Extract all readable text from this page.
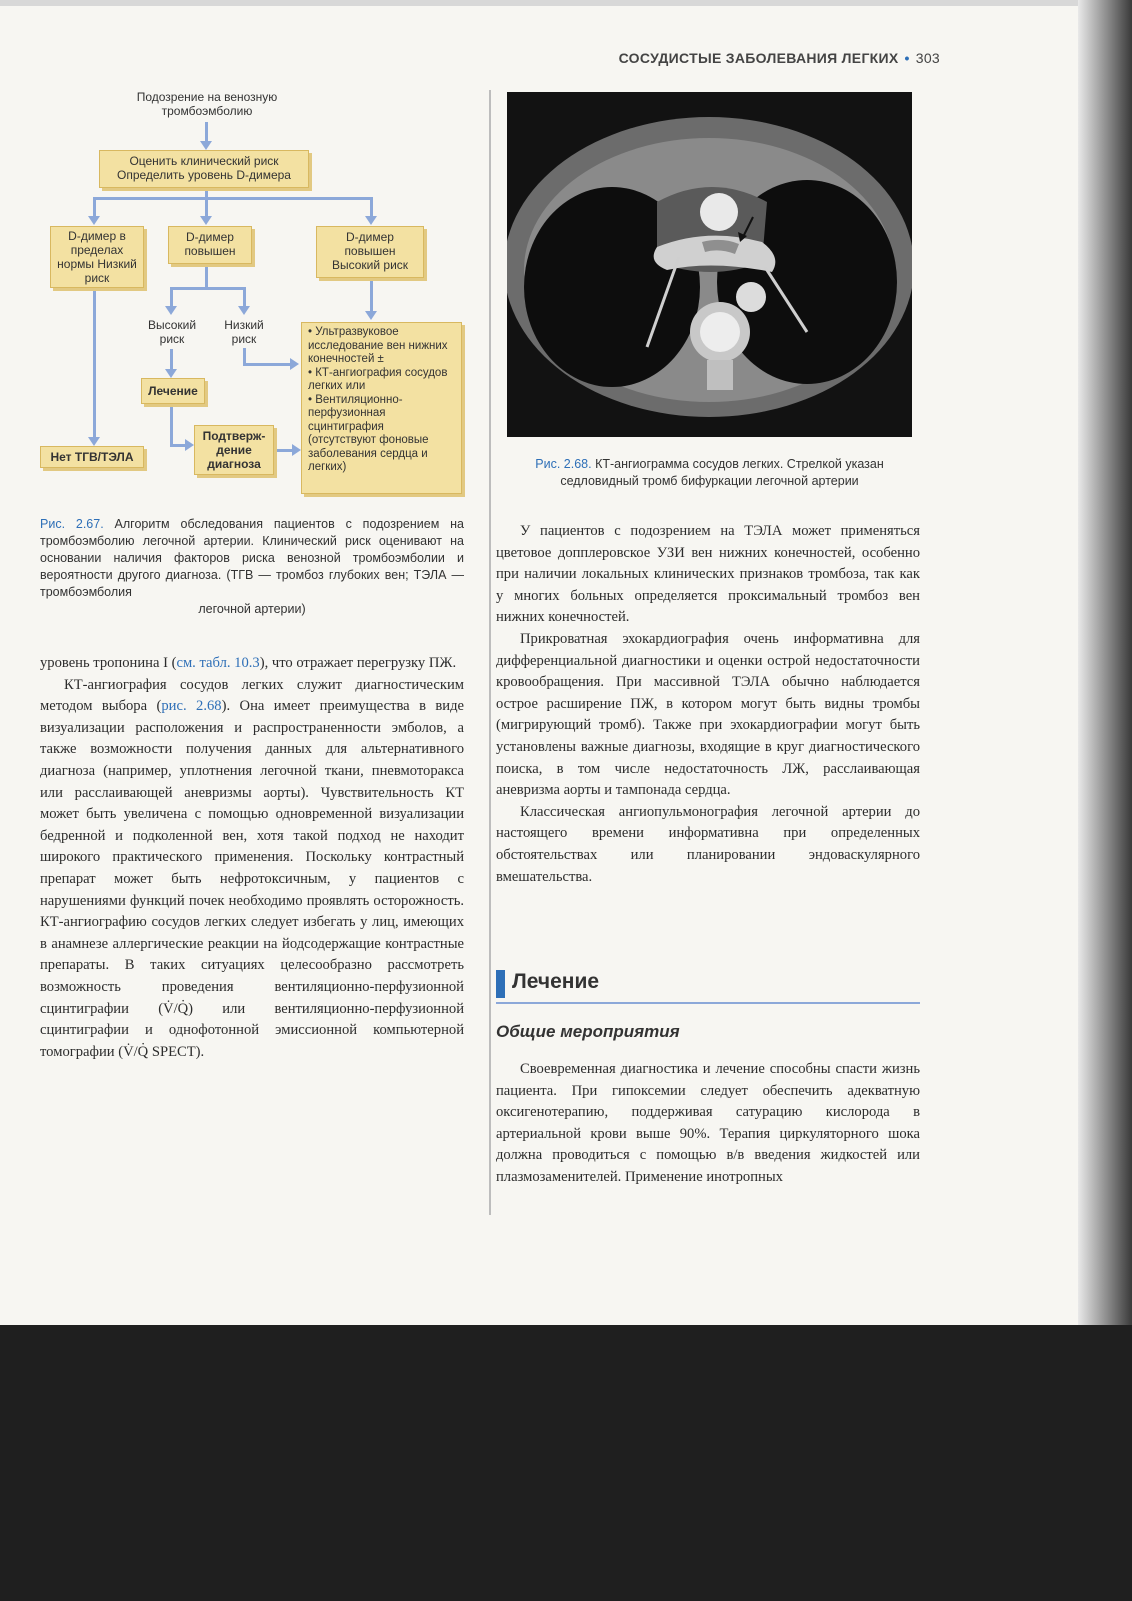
СОСУДИСТЫЕ ЗАБОЛЕВАНИЯ ЛЕГКИХ • 303
Подозрение на венозную тромбоэмболию
Оценить клинический риск
Определить уровень D-димера
D-димер в пределах нормы Низкий риск
D-димер повышен
D-димер повышен Высокий риск
Высокий риск
Низкий риск
Лечение
Подтверж-дение диагноза
• Ультразвуковое исследование вен нижних конечностей ±
• КТ-ангиография сосудов легких или
• Вентиляционно-перфузионная сцинтиграфия (отсутствуют фоновые заболевания сердца и легких)
Нет ТГВ/ТЭЛА
Рис. 2.67. Алгоритм обследования пациентов с подозрением на тромбоэмболию легочной артерии. Клинический риск оценивают на основании наличия факторов риска венозной тромбоэмболии и вероятности другого диагноза. (ТГВ — тромбоз глубоких вен; ТЭЛА — тромбоэмболия
легочной артерии)
Рис. 2.68. КТ-ангиограмма сосудов легких. Стрелкой указан седловидный тромб бифуркации легочной артерии

уровень тропонина I (см. табл. 10.3), что отражает перегрузку ПЖ.

КТ-ангиография сосудов легких служит диагностическим методом выбора (рис. 2.68). Она имеет преимущества в виде визуализации расположения и распространенности эмболов, а также возможности получения данных для альтернативного диагноза (например, уплотнения легочной ткани, пневмоторакса или расслаивающей аневризмы аорты). Чувствительность КТ может быть увеличена с помощью одновременной визуализации бедренной и подколенной вен, хотя такой подход не находит широкого практического применения. Поскольку контрастный препарат может быть нефротоксичным, у пациентов с нарушениями функций почек необходимо проявлять осторожность. КТ-ангиографию сосудов легких следует избегать у лиц, имеющих в анамнезе аллергические реакции на йодсодержащие контрастные препараты. В таких ситуациях целесообразно рассмотреть возможность проведения вентиляционно-перфузионной сцинтиграфии (V̇/Q̇) или вентиляционно-перфузионной сцинтиграфии и однофотонной эмиссионной компьютерной томографии (V̇/Q̇ SPECT).

У пациентов с подозрением на ТЭЛА может применяться цветовое допплеровское УЗИ вен нижних конечностей, особенно при наличии локальных клинических признаков тромбоза, так как у многих больных определяется проксимальный тромбоз вен нижних конечностей.

Прикроватная эхокардиография очень информативна для дифференциальной диагностики и оценки острой недостаточности кровообращения. При массивной ТЭЛА обычно наблюдается острое расширение ПЖ, в котором могут быть видны тромбы (мигрирующий тромб). Также при эхокардиографии могут быть установлены важные диагнозы, входящие в круг диагностического поиска, в том числе недостаточность ЛЖ, расслаивающая аневризма аорты и тампонада сердца.

Классическая ангиопульмонография легочной артерии до настоящего времени информативна при определенных обстоятельствах или планировании эндоваскулярного вмешательства.

Лечение
Общие мероприятия

Своевременная диагностика и лечение способны спасти жизнь пациента. При гипоксемии следует обеспечить адекватную оксигенотерапию, поддерживая сатурацию кислорода в артериальной крови выше 90%. Терапия циркуляторного шока должна проводиться с помощью в/в введения жидкостей или плазмозаменителей. Применение инотропных
